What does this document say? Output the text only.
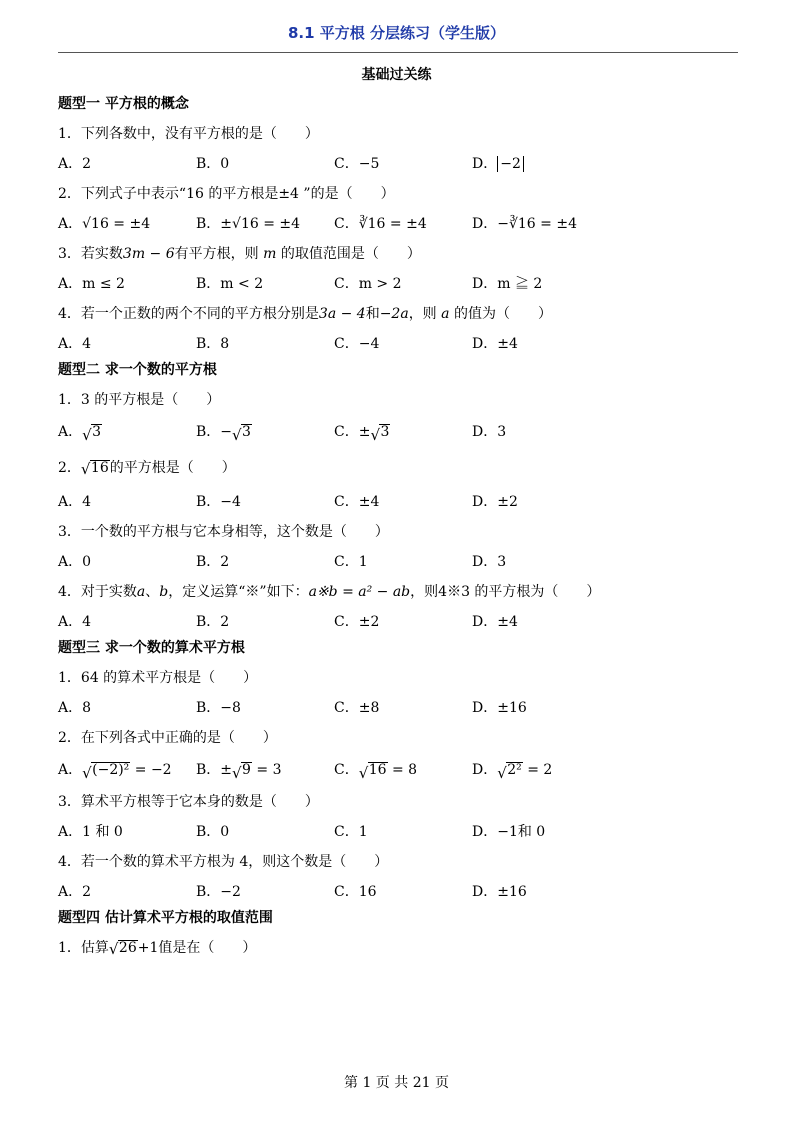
8.1 平方根 分层练习（学生版）
基础过关练
题型一 平方根的概念
1．下列各数中，没有平方根的是（　　）
A．2	B．0	C．−5	D． −2
2．下列式子中表示“16 的平方根是±4 ”的是（　　）
A．√16 = ±4	B．±√16 = ±4	C．∛16 = ±4	D．−∛16 = ±4
3．若实数3m − 6有平方根，则 m 的取值范围是（　　）
A．m ≤ 2	B．m < 2	C．m > 2	D．m ≧ 2
4．若一个正数的两个不同的平方根分别是3a − 4和−2a，则 a 的值为（　　）
A．4	B．8	C．−4	D．±4
题型二 求一个数的平方根
1．3 的平方根是（　　）
A． √ 3	B．− √ 3	C．± √ 3	D．3
2． √ 16的平方根是（　　）
A．4	B．−4	C．±4	D．±2
3．一个数的平方根与它本身相等，这个数是（　　）
A．0	B．2	C．1	D．3
4．对于实数a、b，定义运算“※”如下：a※b = a² − ab，则4※3 的平方根为（　　）
A．4	B．2	C．±2	D．±4
题型三 求一个数的算术平方根
1．64 的算术平方根是（　　）
A．8	B．−8	C．±8	D．±16
2．在下列各式中正确的是（　　）
A． √ (−2)² = −2	B．± √ 9 = 3	C． √ 16 = 8	D． √ 2² = 2
3．算术平方根等于它本身的数是（　　）
A．1 和 0	B．0	C．1	D．−1和 0
4．若一个数的算术平方根为 4，则这个数是（　　）
A．2	B．−2	C．16	D．±16
题型四 估计算术平方根的取值范围
1．估算 √ 26+1值是在（　　）
第 1 页 共 21 页
